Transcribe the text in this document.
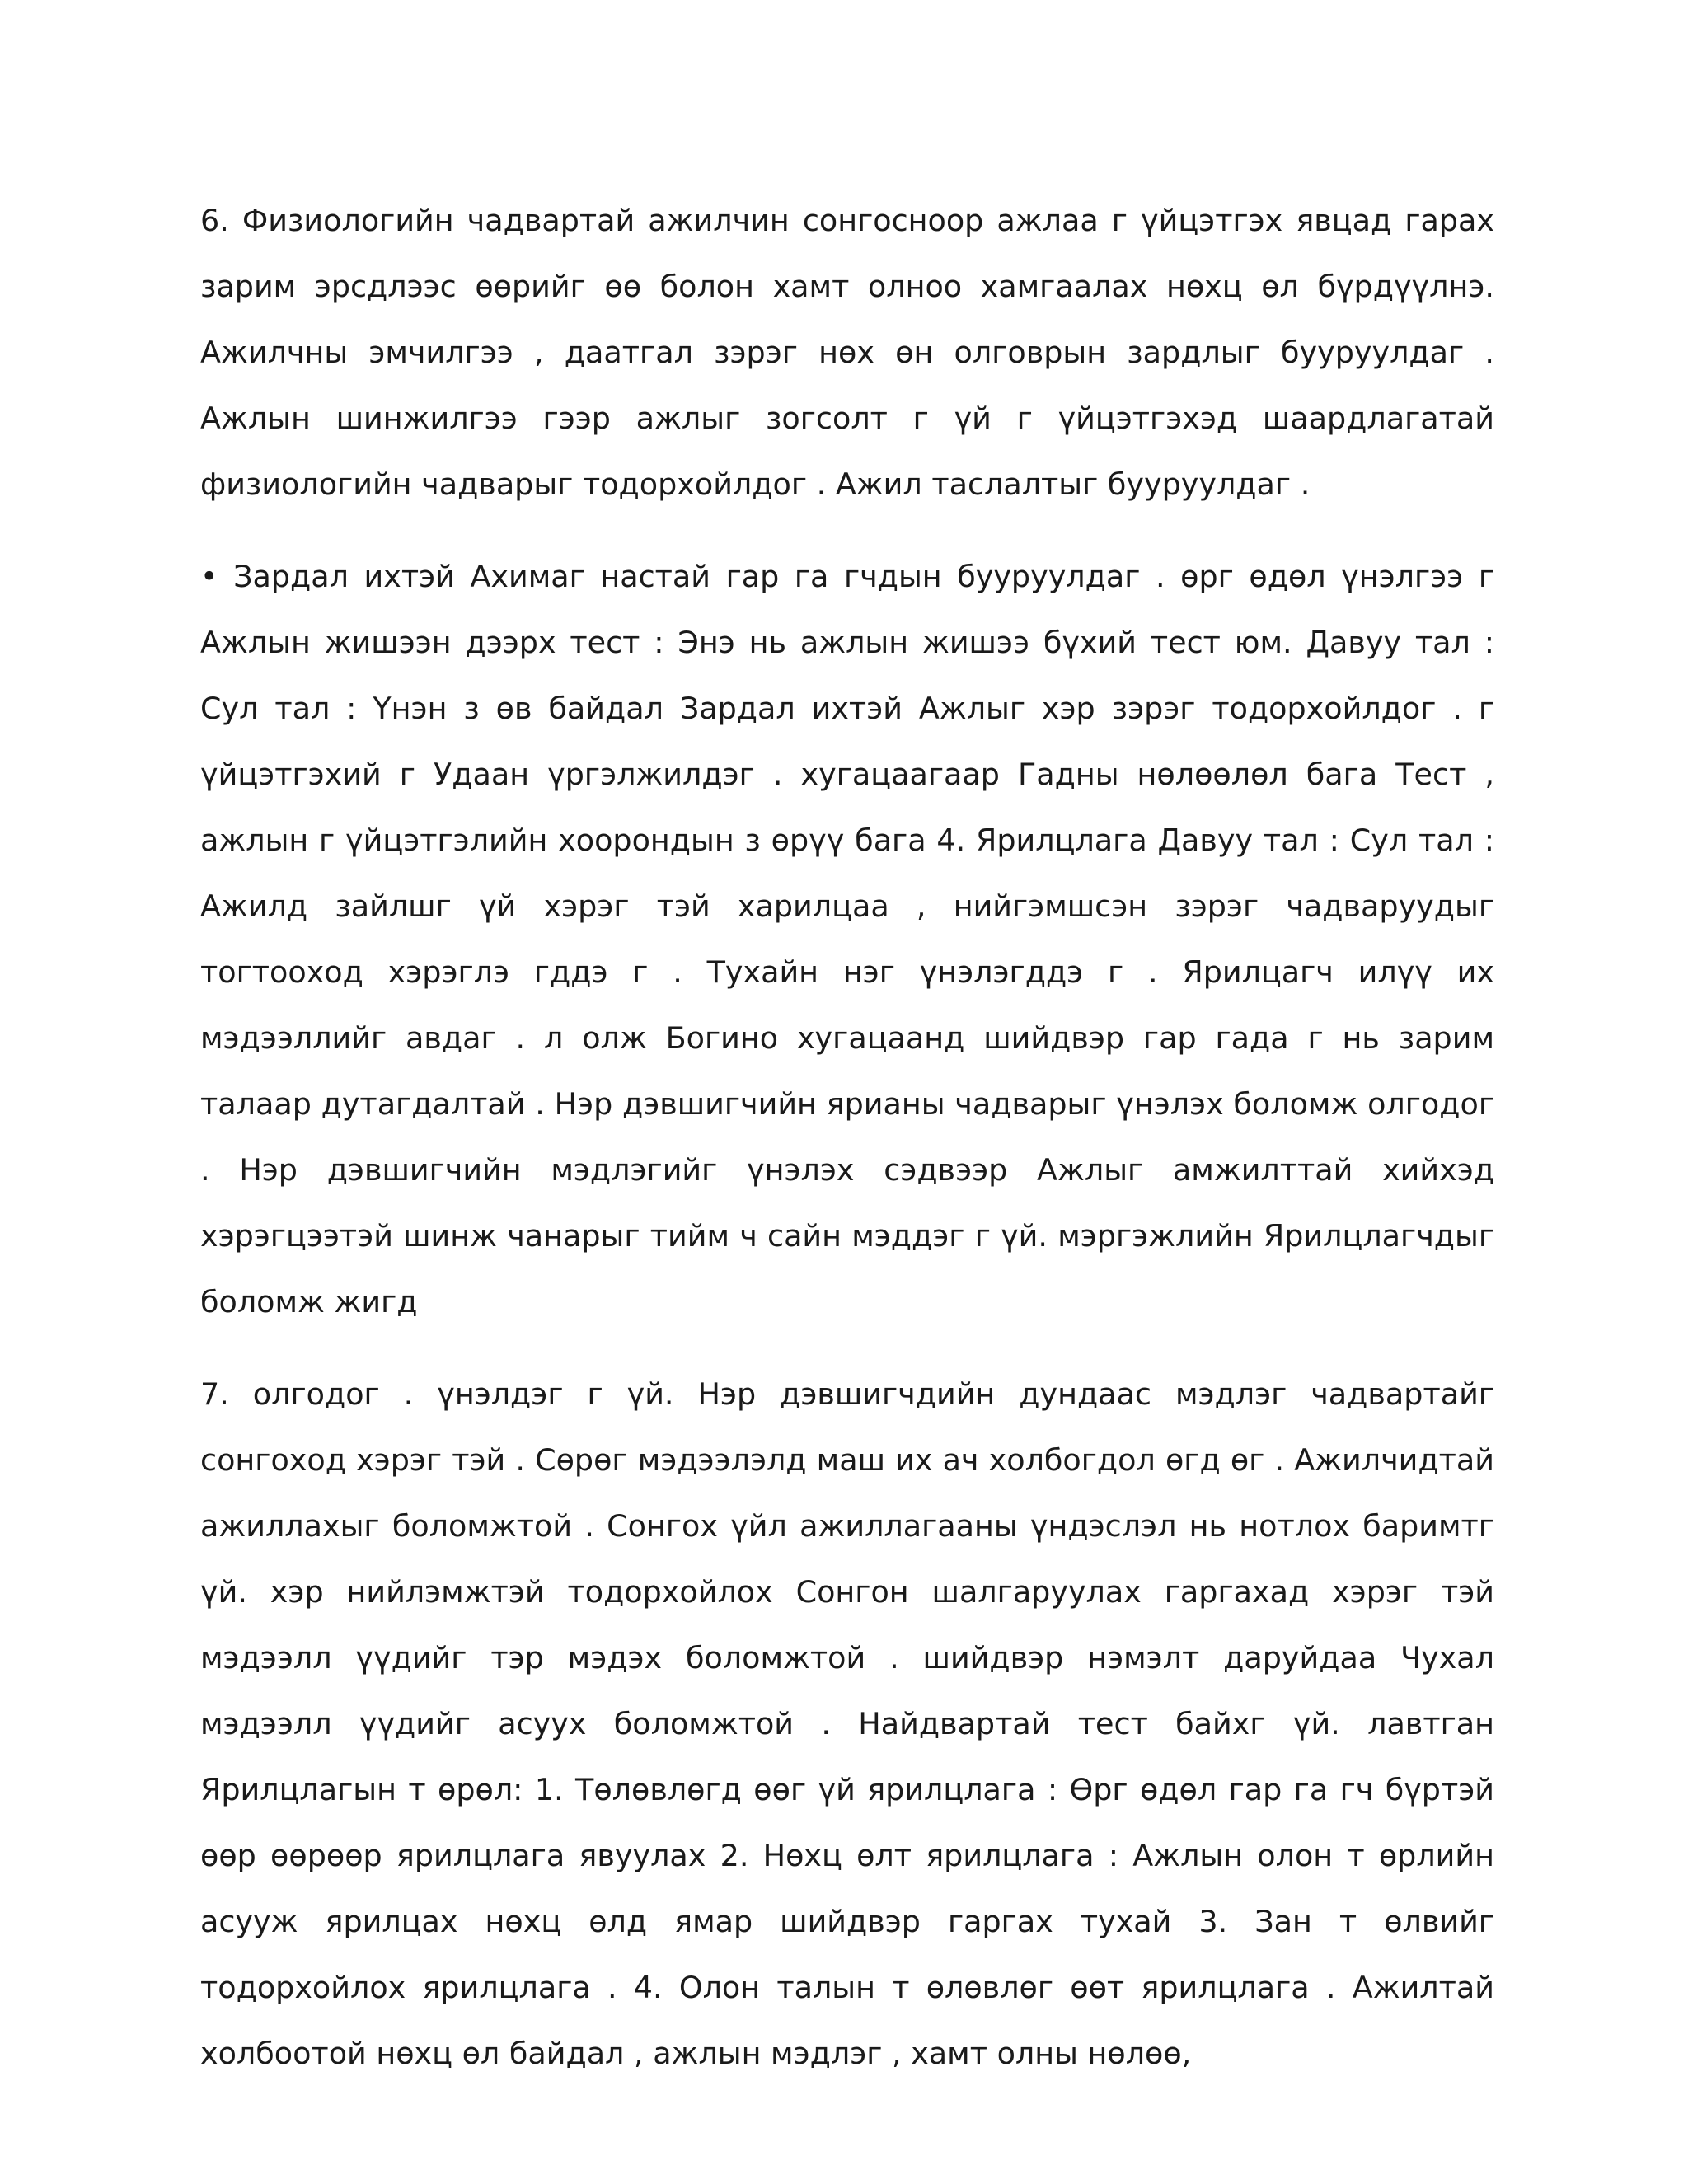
6. Физиологийн чадвартай ажилчин сонгосноор ажлаа г үйцэтгэх явцад гарах зарим эрсдлээс өөрийг өө болон хамт олноо хамгаалах нөхц өл бүрдүүлнэ. Ажилчны эмчилгээ , даатгал зэрэг нөх өн олговрын зардлыг бууруулдаг . Ажлын шинжилгээ гээр ажлыг зогсолт г үй г үйцэтгэхэд шаардлагатай физиологийн чадварыг тодорхойлдог . Ажил таслалтыг бууруулдаг .

• Зардал ихтэй Ахимаг настай гар га гчдын бууруулдаг . өрг өдөл үнэлгээ г Ажлын жишээн дээрх тест : Энэ нь ажлын жишээ бүхий тест юм. Давуу тал : Сул тал : Үнэн з өв байдал Зардал ихтэй Ажлыг хэр зэрэг тодорхойлдог . г үйцэтгэхий г Удаан үргэлжилдэг . хугацаагаар Гадны нөлөөлөл бага Тест , ажлын г үйцэтгэлийн хоорондын з өрүү бага 4. Ярилцлага Давуу тал : Сул тал : Ажилд зайлшг үй хэрэг тэй харилцаа , нийгэмшсэн зэрэг чадваруудыг тогтооход хэрэглэ гддэ г . Тухайн нэг үнэлэгддэ г . Ярилцагч илүү их мэдээллийг авдаг . л олж Богино хугацаанд шийдвэр гар гада г нь зарим талаар дутагдалтай . Нэр дэвшигчийн ярианы чадварыг үнэлэх боломж олгодог . Нэр дэвшигчийн мэдлэгийг үнэлэх сэдвээр Ажлыг амжилттай хийхэд хэрэгцээтэй шинж чанарыг тийм ч сайн мэддэг г үй. мэргэжлийн Ярилцлагчдыг боломж жигд

7. олгодог . үнэлдэг г үй. Нэр дэвшигчдийн дундаас мэдлэг чадвартайг сонгоход хэрэг тэй . Сөрөг мэдээлэлд маш их ач холбогдол өгд өг . Ажилчидтай ажиллахыг боломжтой . Сонгох үйл ажиллагааны үндэслэл нь нотлох баримтг үй. хэр нийлэмжтэй тодорхойлох Сонгон шалгаруулах гаргахад хэрэг тэй мэдээлл үүдийг тэр мэдэх боломжтой . шийдвэр нэмэлт даруйдаа Чухал мэдээлл үүдийг асуух боломжтой . Найдвартай тест байхг үй. лавтган Ярилцлагын т өрөл: 1. Төлөвлөгд өөг үй ярилцлага : Өрг өдөл гар га гч бүртэй өөр өөрөөр ярилцлага явуулах 2. Нөхц өлт ярилцлага : Ажлын олон т өрлийн асууж ярилцах нөхц өлд ямар шийдвэр гаргах тухай 3. Зан т өлвийг тодорхойлох ярилцлага . 4. Олон талын т өлөвлөг өөт ярилцлага . Ажилтай холбоотой нөхц өл байдал , ажлын мэдлэг , хамт олны нөлөө,
